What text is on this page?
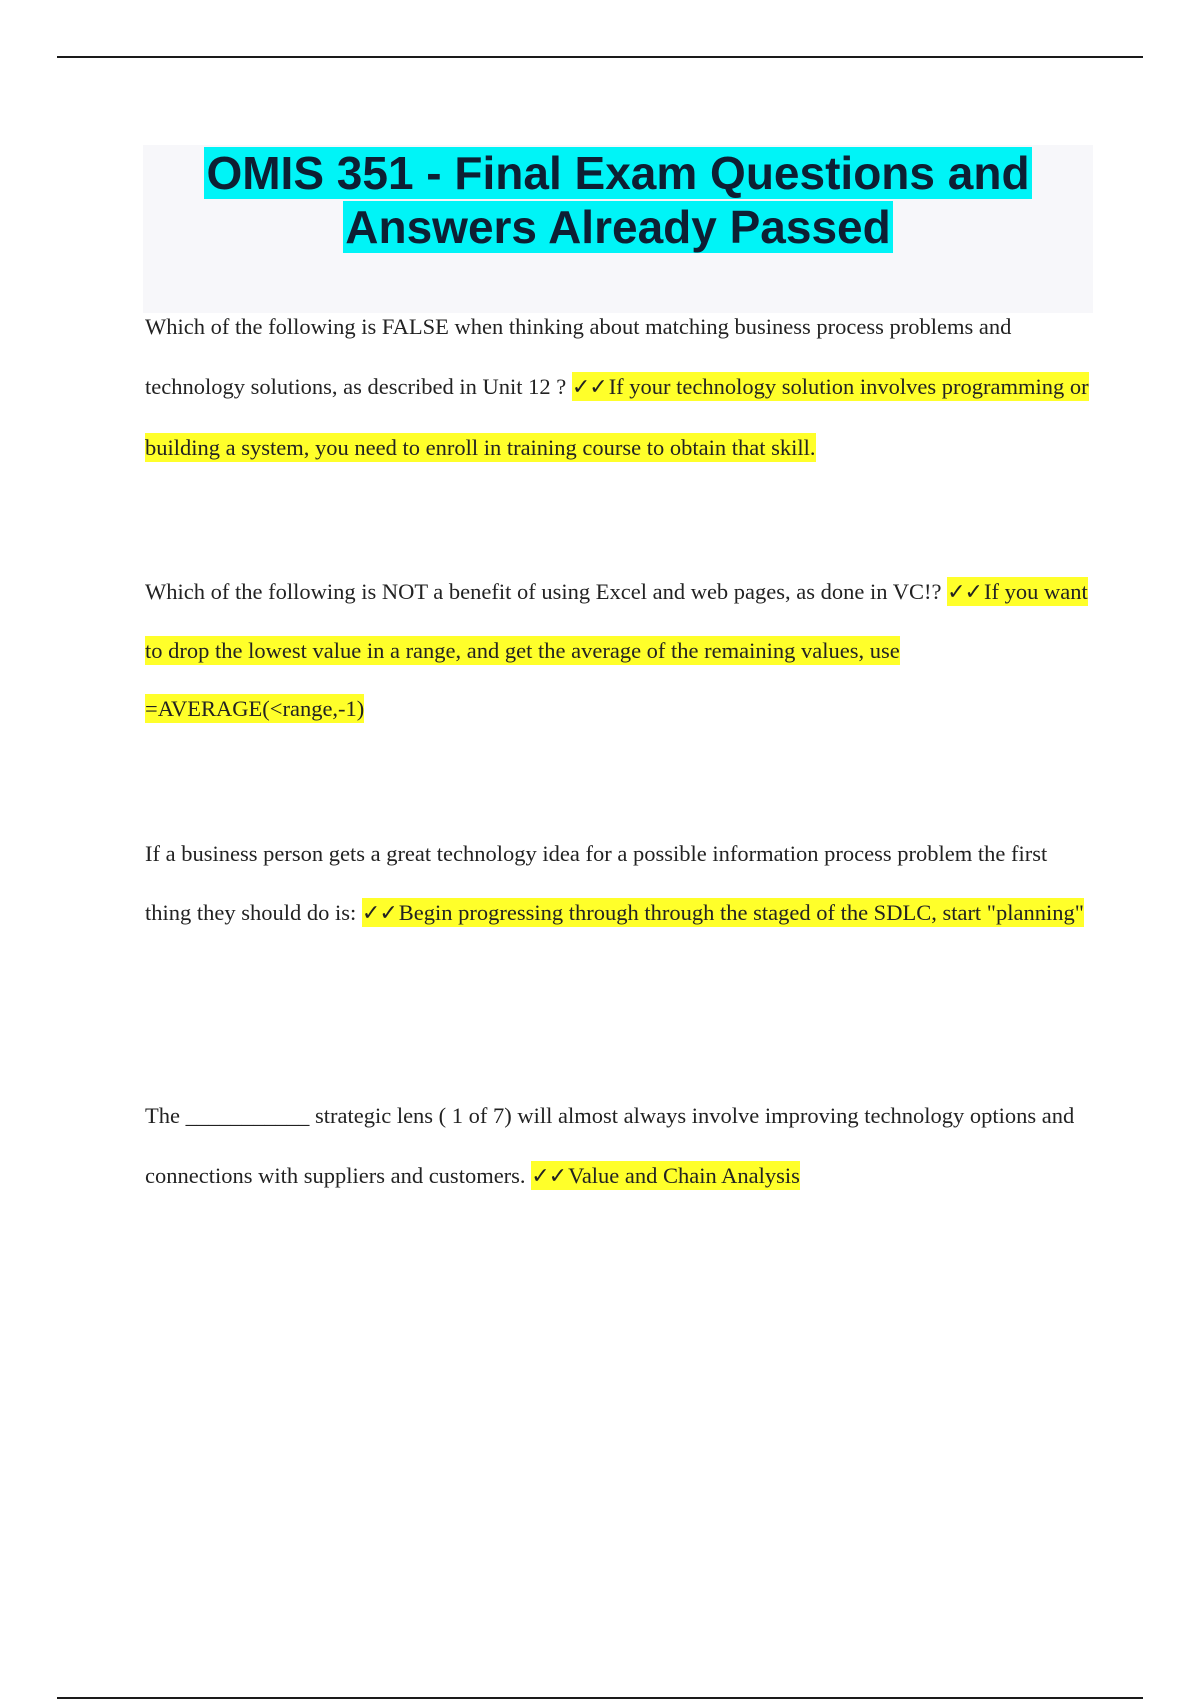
OMIS 351 - Final Exam Questions and
Answers Already Passed

Which of the following is FALSE when thinking about matching business process problems and technology solutions, as described in Unit 12 ? ✓✓If your technology solution involves programming or building a system, you need to enroll in training course to obtain that skill.

Which of the following is NOT a benefit of using Excel and web pages, as done in VC!? ✓✓If you want to drop the lowest value in a range, and get the average of the remaining values, use =AVERAGE(<range,-1)

If a business person gets a great technology idea for a possible information process problem the first thing they should do is: ✓✓Begin progressing through through the staged of the SDLC, start "planning"

The ___________ strategic lens ( 1 of 7) will almost always involve improving technology options and connections with suppliers and customers. ✓✓Value and Chain Analysis
